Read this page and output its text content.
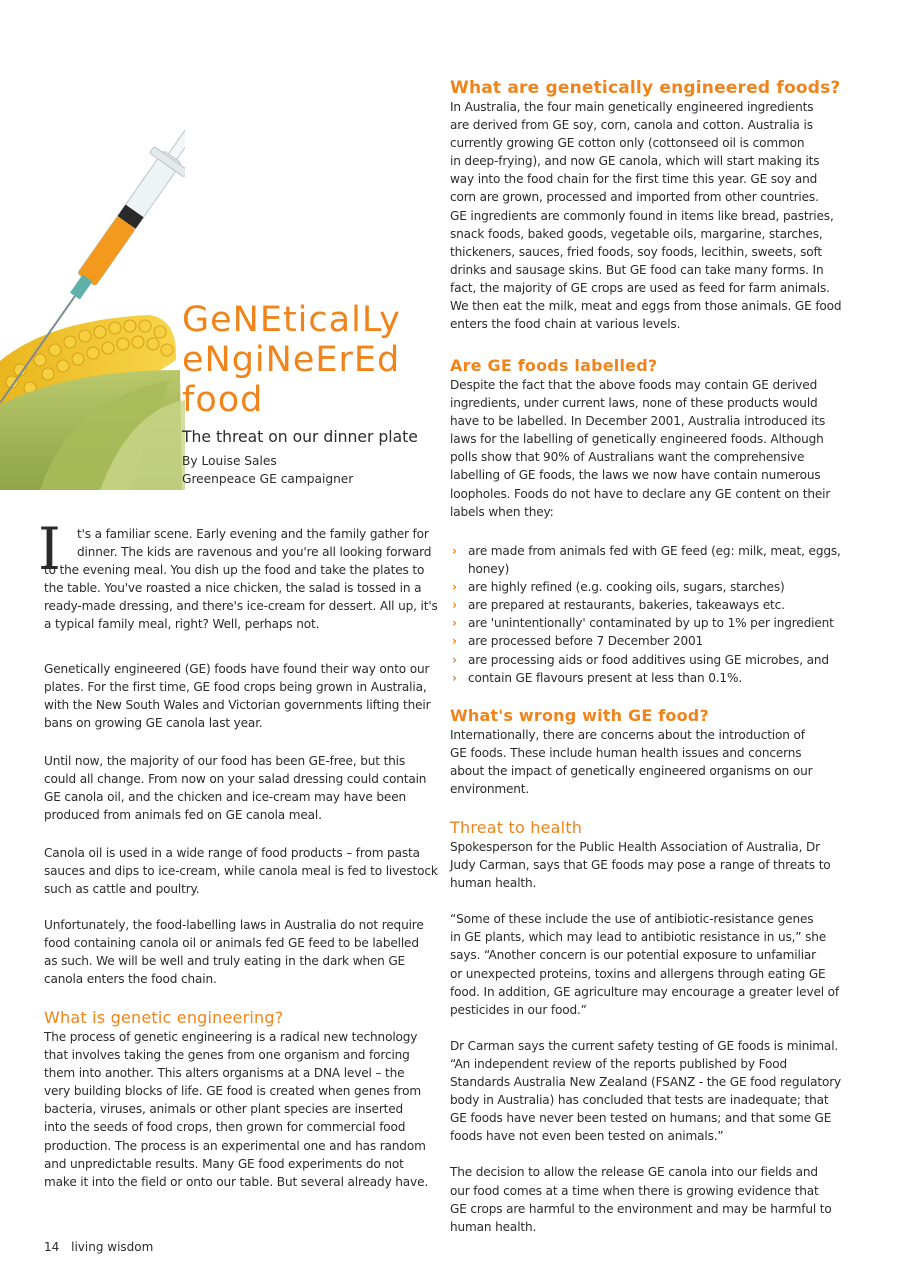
GeNEticalLy
eNgiNeErEd
food

The threat on our dinner plate

By Louise Sales
Greenpeace GE campaigner

I	t's a familiar scene. Early evening and the family gather for
dinner. The kids are ravenous and you're all looking forward
to the evening meal. You dish up the food and take the plates to
the table. You've roasted a nice chicken, the salad is tossed in a
ready-made dressing, and there's ice-cream for dessert. All up, it's
a typical family meal, right? Well, perhaps not.

Genetically engineered (GE) foods have found their way onto our
plates. For the first time, GE food crops being grown in Australia,
with the New South Wales and Victorian governments lifting their
bans on growing GE canola last year.

Until now, the majority of our food has been GE-free, but this
could all change. From now on your salad dressing could contain
GE canola oil, and the chicken and ice-cream may have been
produced from animals fed on GE canola meal.

Canola oil is used in a wide range of food products – from pasta
sauces and dips to ice-cream, while canola meal is fed to livestock
such as cattle and poultry.

Unfortunately, the food-labelling laws in Australia do not require
food containing canola oil or animals fed GE feed to be labelled
as such. We will be well and truly eating in the dark when GE
canola enters the food chain.

What is genetic engineering?

The process of genetic engineering is a radical new technology
that involves taking the genes from one organism and forcing
them into another. This alters organisms at a DNA level – the
very building blocks of life. GE food is created when genes from
bacteria, viruses, animals or other plant species are inserted
into the seeds of food crops, then grown for commercial food
production. The process is an experimental one and has random
and unpredictable results. Many GE food experiments do not
make it into the field or onto our table. But several already have.

What are genetically engineered foods?

In Australia, the four main genetically engineered ingredients
are derived from GE soy, corn, canola and cotton. Australia is
currently growing GE cotton only (cottonseed oil is common
in deep-frying), and now GE canola, which will start making its
way into the food chain for the first time this year. GE soy and
corn are grown, processed and imported from other countries.
GE ingredients are commonly found in items like bread, pastries,
snack foods, baked goods, vegetable oils, margarine, starches,
thickeners, sauces, fried foods, soy foods, lecithin, sweets, soft
drinks and sausage skins. But GE food can take many forms. In
fact, the majority of GE crops are used as feed for farm animals.
We then eat the milk, meat and eggs from those animals. GE food
enters the food chain at various levels.

Are GE foods labelled?

Despite the fact that the above foods may contain GE derived
ingredients, under current laws, none of these products would
have to be labelled. In December 2001, Australia introduced its
laws for the labelling of genetically engineered foods. Although
polls show that 90% of Australians want the comprehensive
labelling of GE foods, the laws we now have contain numerous
loopholes. Foods do not have to declare any GE content on their
labels when they:

› are made from animals fed with GE feed (eg: milk, meat, eggs,
honey)
› are highly refined (e.g. cooking oils, sugars, starches)
› are prepared at restaurants, bakeries, takeaways etc.
› are 'unintentionally' contaminated by up to 1% per ingredient
› are processed before 7 December 2001
› are processing aids or food additives using GE microbes, and
› contain GE flavours present at less than 0.1%.
What's wrong with GE food?

Internationally, there are concerns about the introduction of
GE foods. These include human health issues and concerns
about the impact of genetically engineered organisms on our
environment.

Threat to health

Spokesperson for the Public Health Association of Australia, Dr
Judy Carman, says that GE foods may pose a range of threats to
human health.

“Some of these include the use of antibiotic-resistance genes
in GE plants, which may lead to antibiotic resistance in us,” she
says. “Another concern is our potential exposure to unfamiliar
or unexpected proteins, toxins and allergens through eating GE
food. In addition, GE agriculture may encourage a greater level of
pesticides in our food.”

Dr Carman says the current safety testing of GE foods is minimal.
“An independent review of the reports published by Food
Standards Australia New Zealand (FSANZ - the GE food regulatory
body in Australia) has concluded that tests are inadequate; that
GE foods have never been tested on humans; and that some GE
foods have not even been tested on animals.”

The decision to allow the release GE canola into our fields and
our food comes at a time when there is growing evidence that
GE crops are harmful to the environment and may be harmful to
human health.

14 living wisdom
